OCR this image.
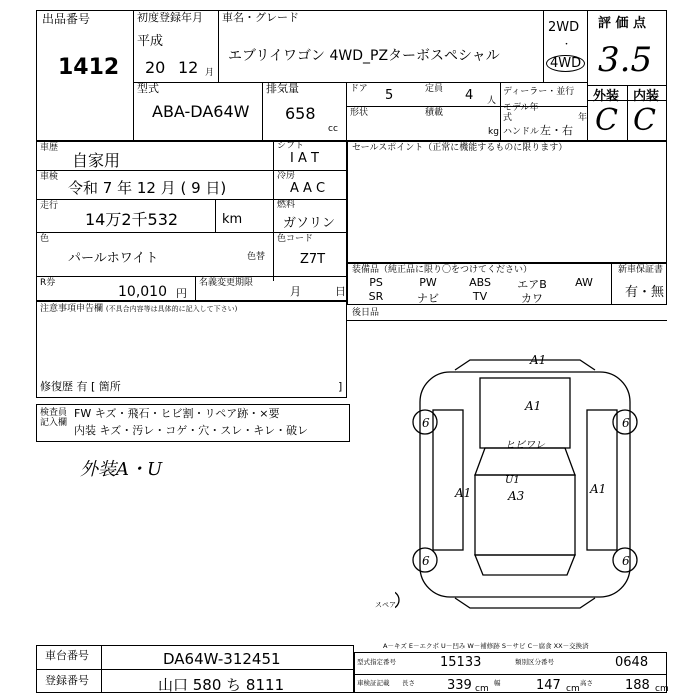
出品番号
1412
初度登録年月
平成
20 12 月
車名・グレード
エブリイワゴン 4WD_PZターボスペシャル
2WD
・
4WD
評 価 点
3.5
型式
ABA-DA64W
排気量
658
cc
ドア 5	定員 4 人
形状	積載
kg
ディーラー・並行
モデル年式	年
ハンドル 左・右
外装 内装
C C
車歴
自家用
車検
令和 7 年 12 月 ( 9 日)
走行
14万2千532	km
色
パールホワイト	色替
色コード
Z7T
シフト
I A T
冷房
A A C
燃料
ガソリン
R券
10,010 円
名義変更期限
月	日
セールスポイント（正常に機能するものに限ります）
装備品（純正品に限り〇をつけてください）	新車保証書
有・無
PS	PW	ABS	エアB	AW
SR	ナビ	TV	カワ
注意事項申告欄 (不具合内容等は具体的に記入して下さい)
修復歴 有 [ 箇所	]
後日品
検査員記入欄
FW キズ・飛石・ヒビ割・リペア跡・×要
内装 キズ・汚レ・コゲ・穴・スレ・キレ・破レ
外装A・U
A1
A1
ヒビワレ
U1
A3
A1	A1
6	6
6	6
スペア
A－キズ E－エクボ U－凹み W－補修跡 S－サビ C－腐食 XX－交換済
車台番号	DA64W-312451
登録番号	山口 580 ち 8111
型式指定番号	15133	類別区分番号	0648
車検証記載 長さ 339 cm
幅	147 cm
高さ 188 cm
